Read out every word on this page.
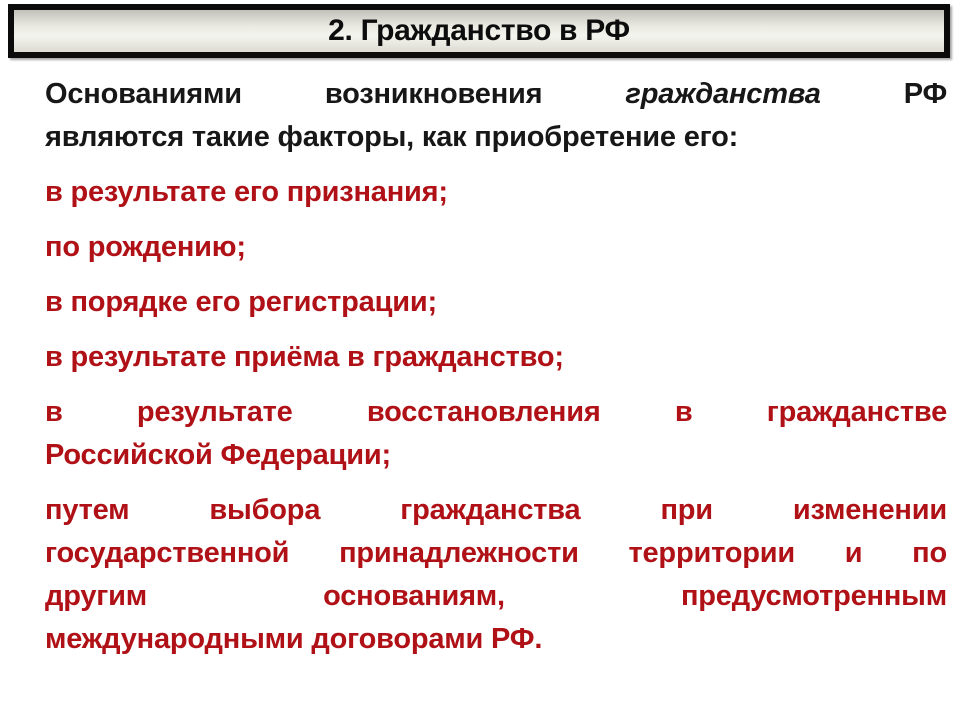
2. Гражданство в РФ
Основаниями возникновения	гражданства	РФ
являются такие факторы, как приобретение его:
в результате его признания;
по рождению;
в порядке его регистрации;
в результате приёма в гражданство;
в результате восстановления в гражданстве
Российской Федерации;
путем выбора гражданства при изменении
государственной принадлежности территории и по
другим основаниям, предусмотренным
международными договорами РФ.
